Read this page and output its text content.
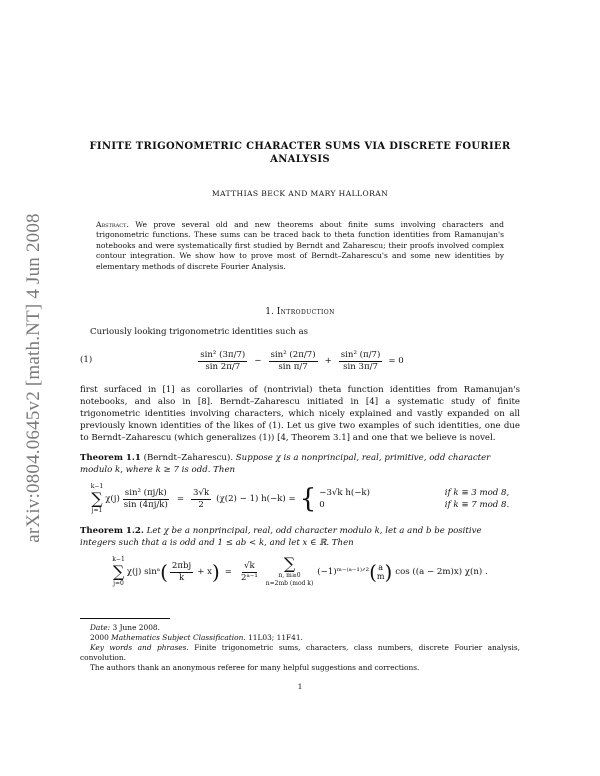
arXiv:0804.0645v2 [math.NT] 4 Jun 2008
FINITE TRIGONOMETRIC CHARACTER SUMS VIA DISCRETE FOURIER
ANALYSIS
MATTHIAS BECK AND MARY HALLORAN
Abstract. We prove several old and new theorems about finite sums involving characters and trigonometric functions. These sums can be traced back to theta function identities from Ramanujan's notebooks and were systematically first studied by Berndt and Zaharescu; their proofs involved complex contour integration. We show how to prove most of Berndt–Zaharescu's and some new identities by elementary methods of discrete Fourier Analysis.
1. Introduction

Curiously looking trigonometric identities such as

(1)	$\frac{\text{sin² (3π/7)}}{\sin 2\pi/7} - \frac{\text{sin² (2π/7)}}{\text{sin π/7}} + \frac{\text{sin² (π/7)}}{\sin 3\pi/7} = 0$

first surfaced in [1] as corollaries of (nontrivial) theta function identities from Ramanujan's notebooks, and also in [8]. Berndt–Zaharescu initiated in [4] a systematic study of finite trigonometric identities involving characters, which nicely explained and vastly expanded on all previously known identities of the likes of (1). Let us give two examples of such identities, one due to Berndt–Zaharescu (which generalizes (1)) [4, Theorem 3.1] and one that we believe is novel.

Theorem 1.1 (Berndt–Zaharescu). Suppose χ is a nonprincipal, real, primitive, odd character modulo k, where k ≥ 7 is odd. Then
k−1
∑
j=1
$\chi(j) \frac{\text{sin² (πj/k)}}{\sin (4\pi j/k)} = \frac{3√k}{2} (\chi(2) - 1) h(-k)$ = { −3√k h(−k)	if k ≡ 3 mod 8,
0	if k ≡ 7 mod 8.
Theorem 1.2. Let χ be a nonprincipal, real, odd character modulo k, let a and b be positive integers such that a is odd and 1 ≤ ab < k, and let x ∈ ℝ. Then
k−1
∑
j=0
χ(j) sinᵃ ( $\frac{\text{2πbj}}{k} + x$ ) = $\frac{√k}{\text{2ᵃ⁻¹}}$ ∑
n, m≥0
n=2mb (mod k)
(−1)ᵐ⁻⁽ᵃ⁻¹⁾ᐟ² ( a
m ) cos ((a − 2m)x) χ(n) .
Date: 3 June 2008.
2000 Mathematics Subject Classification. 11L03; 11F41.
Key words and phrases. Finite trigonometric sums, characters, class numbers, discrete Fourier analysis, convolution.
The authors thank an anonymous referee for many helpful suggestions and corrections.
1
